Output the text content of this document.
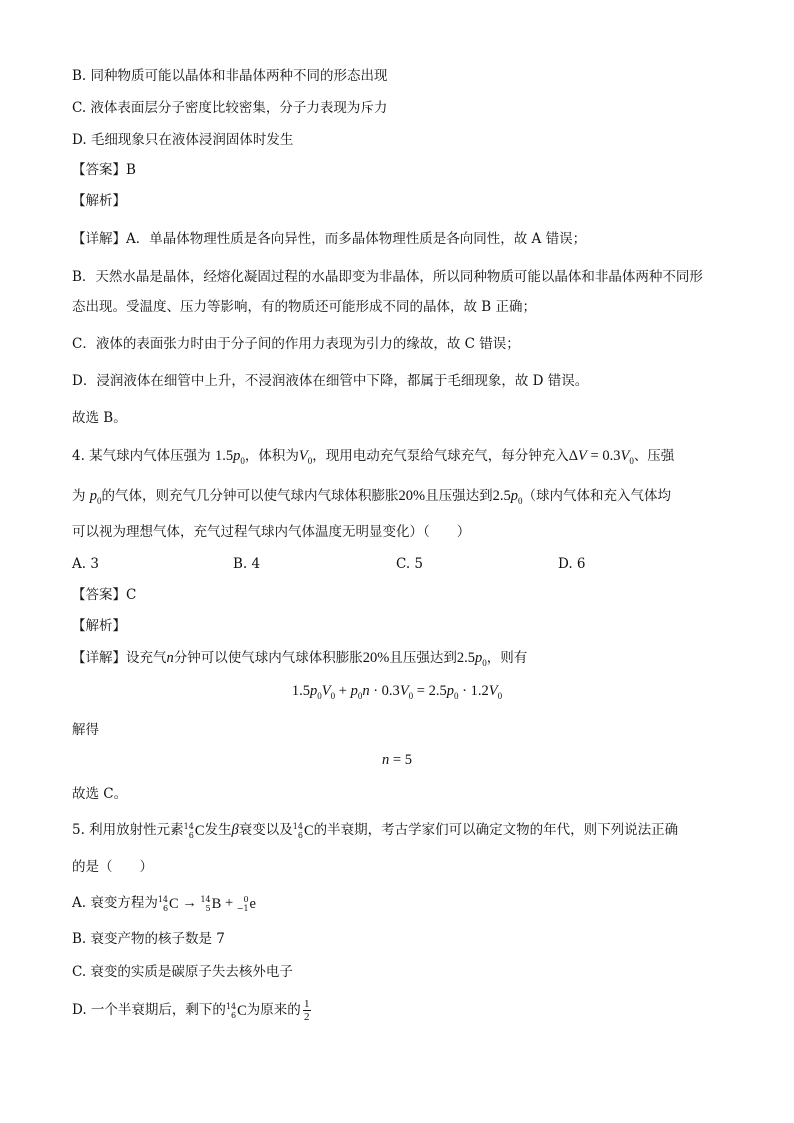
B. 同种物质可能以晶体和非晶体两种不同的形态出现
C. 液体表面层分子密度比较密集，分子力表现为斥力
D. 毛细现象只在液体浸润固体时发生
【答案】B
【解析】
【详解】A．单晶体物理性质是各向异性，而多晶体物理性质是各向同性，故 A 错误；
B．天然水晶是晶体，经熔化凝固过程的水晶即变为非晶体，所以同种物质可能以晶体和非晶体两种不同形
态出现。受温度、压力等影响，有的物质还可能形成不同的晶体，故 B 正确；
C．液体的表面张力时由于分子间的作用力表现为引力的缘故，故 C 错误；
D．浸润液体在细管中上升，不浸润液体在细管中下降，都属于毛细现象，故 D 错误。
故选 B。
4. 某气球内气体压强为 $1.5p_0$，体积为$V_0$，现用电动充气泵给气球充气，每分钟充入$\Delta V = 0.3V_0$、压强
为 $p_0$的气体，则充气几分钟可以使气球内气球体积膨胀20%且压强达到$2.5p_0$（球内气体和充入气体均
可以视为理想气体，充气过程气球内气体温度无明显变化）（　　）
A. 3	B. 4	C. 5	D. 6
【答案】C
【解析】
【详解】设充气n分钟可以使气球内气球体积膨胀20%且压强达到$2.5p_0$，则有
$1.5p_0V_0 + p_0n \cdot 0.3V_0 = 2.5p_0 \cdot 1.2V_0$
解得
n = 5
故选 C。
5. 利用放射性元素 14
6 C 发生β衰变以及 14
6 C 的半衰期，考古学家们可以确定文物的年代，则下列说法正确
的是（　　）
A. 衰变方程为 14
6 C → 14
5 B + 0
−1 e
B. 衰变产物的核子数是 7
C. 衰变的实质是碳原子失去核外电子
D. 一个半衰期后，剩下的 14
6 C 为原来的 $\frac{1}{2}$
